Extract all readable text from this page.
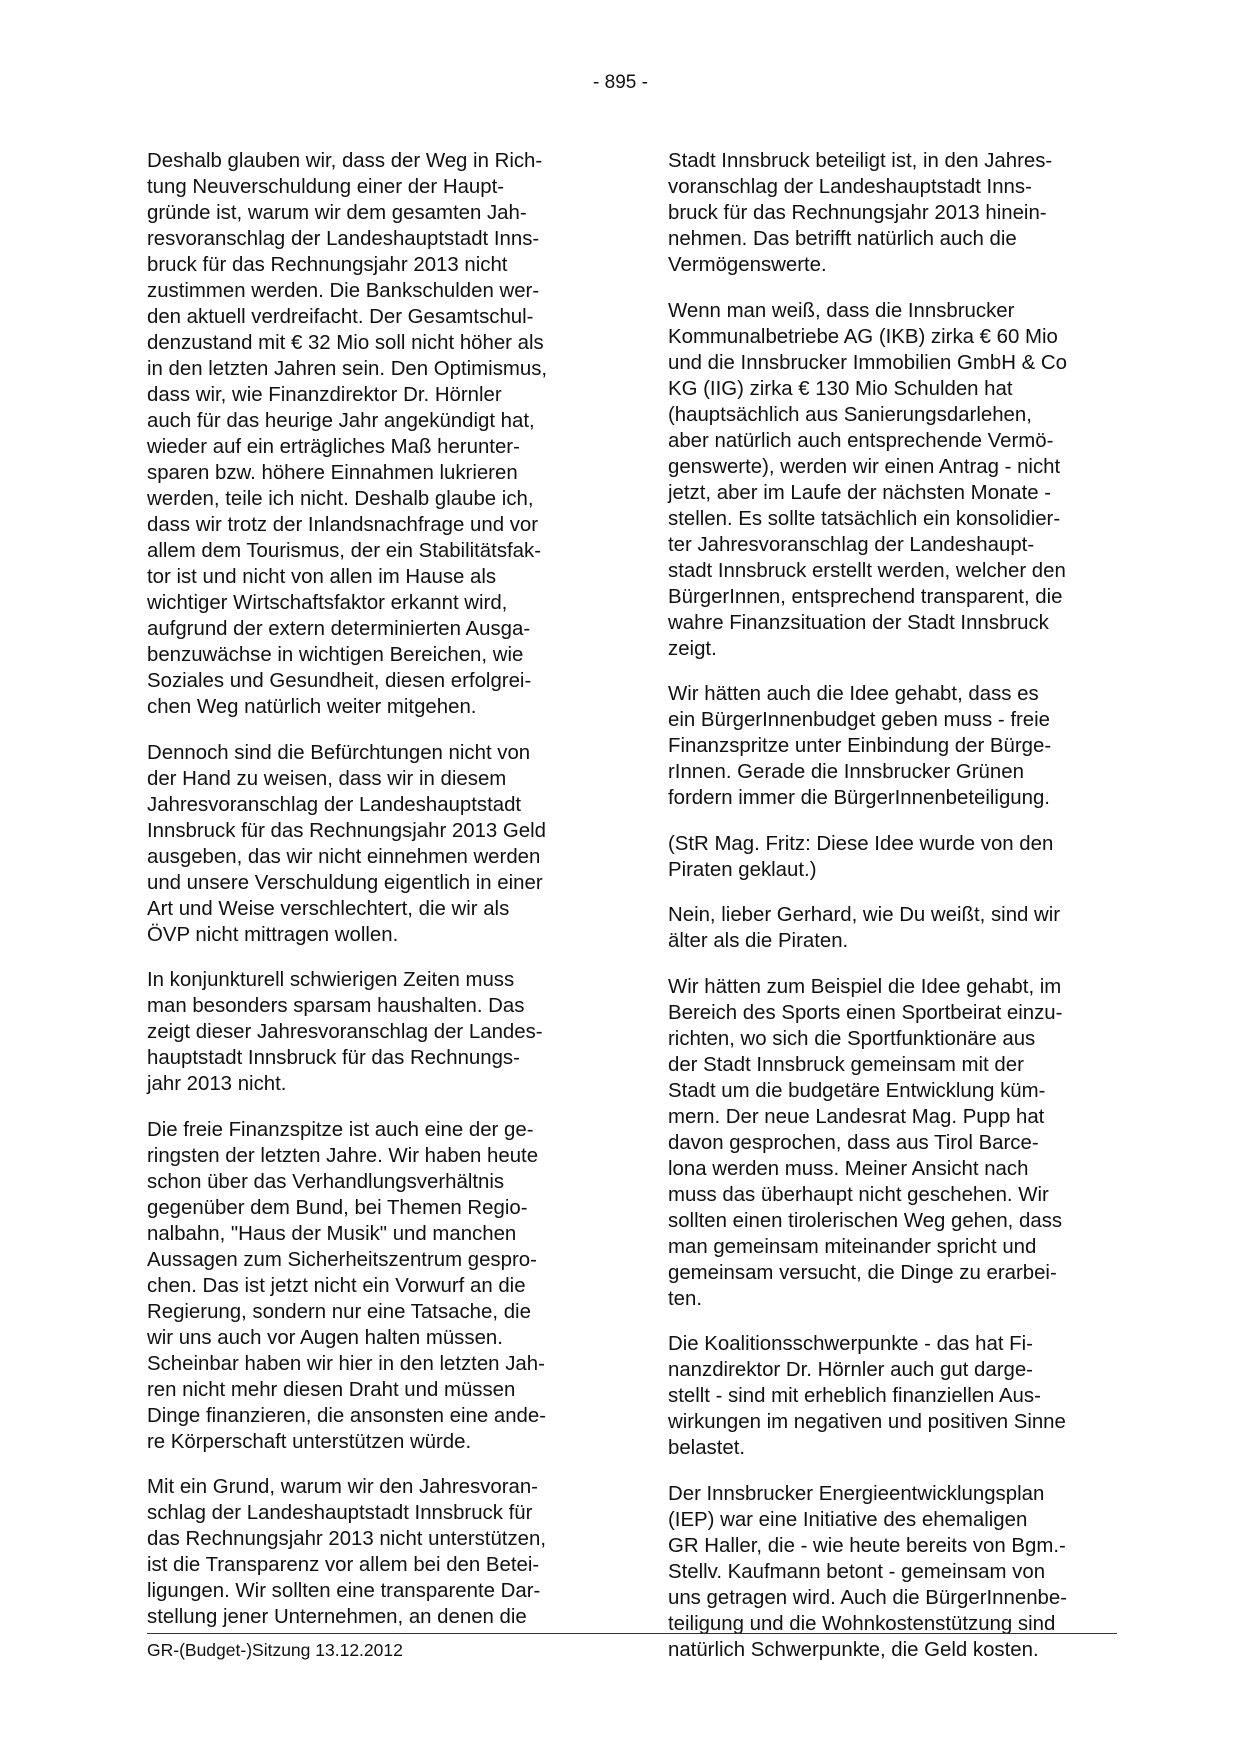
- 895 -

Deshalb glauben wir, dass der Weg in Rich-
tung Neuverschuldung einer der Haupt-
gründe ist, warum wir dem gesamten Jah-
resvoranschlag der Landeshauptstadt Inns-
bruck für das Rechnungsjahr 2013 nicht
zustimmen werden. Die Bankschulden wer-
den aktuell verdreifacht. Der Gesamtschul-
denzustand mit € 32 Mio soll nicht höher als
in den letzten Jahren sein. Den Optimismus,
dass wir, wie Finanzdirektor Dr. Hörnler
auch für das heurige Jahr angekündigt hat,
wieder auf ein erträgliches Maß herunter-
sparen bzw. höhere Einnahmen lukrieren
werden, teile ich nicht. Deshalb glaube ich,
dass wir trotz der Inlandsnachfrage und vor
allem dem Tourismus, der ein Stabilitätsfak-
tor ist und nicht von allen im Hause als
wichtiger Wirtschaftsfaktor erkannt wird,
aufgrund der extern determinierten Ausga-
benzuwächse in wichtigen Bereichen, wie
Soziales und Gesundheit, diesen erfolgrei-
chen Weg natürlich weiter mitgehen.

Dennoch sind die Befürchtungen nicht von
der Hand zu weisen, dass wir in diesem
Jahresvoranschlag der Landeshauptstadt
Innsbruck für das Rechnungsjahr 2013 Geld
ausgeben, das wir nicht einnehmen werden
und unsere Verschuldung eigentlich in einer
Art und Weise verschlechtert, die wir als
ÖVP nicht mittragen wollen.

In konjunkturell schwierigen Zeiten muss
man besonders sparsam haushalten. Das
zeigt dieser Jahresvoranschlag der Landes-
hauptstadt Innsbruck für das Rechnungs-
jahr 2013 nicht.

Die freie Finanzspitze ist auch eine der ge-
ringsten der letzten Jahre. Wir haben heute
schon über das Verhandlungsverhältnis
gegenüber dem Bund, bei Themen Regio-
nalbahn, "Haus der Musik" und manchen
Aussagen zum Sicherheitszentrum gespro-
chen. Das ist jetzt nicht ein Vorwurf an die
Regierung, sondern nur eine Tatsache, die
wir uns auch vor Augen halten müssen.
Scheinbar haben wir hier in den letzten Jah-
ren nicht mehr diesen Draht und müssen
Dinge finanzieren, die ansonsten eine ande-
re Körperschaft unterstützen würde.

Mit ein Grund, warum wir den Jahresvoran-
schlag der Landeshauptstadt Innsbruck für
das Rechnungsjahr 2013 nicht unterstützen,
ist die Transparenz vor allem bei den Betei-
ligungen. Wir sollten eine transparente Dar-
stellung jener Unternehmen, an denen die

Stadt Innsbruck beteiligt ist, in den Jahres-
voranschlag der Landeshauptstadt Inns-
bruck für das Rechnungsjahr 2013 hinein-
nehmen. Das betrifft natürlich auch die
Vermögenswerte.

Wenn man weiß, dass die Innsbrucker
Kommunalbetriebe AG (IKB) zirka € 60 Mio
und die Innsbrucker Immobilien GmbH & Co
KG (IIG) zirka € 130 Mio Schulden hat
(hauptsächlich aus Sanierungsdarlehen,
aber natürlich auch entsprechende Vermö-
genswerte), werden wir einen Antrag - nicht
jetzt, aber im Laufe der nächsten Monate -
stellen. Es sollte tatsächlich ein konsolidier-
ter Jahresvoranschlag der Landeshaupt-
stadt Innsbruck erstellt werden, welcher den
BürgerInnen, entsprechend transparent, die
wahre Finanzsituation der Stadt Innsbruck
zeigt.

Wir hätten auch die Idee gehabt, dass es
ein BürgerInnenbudget geben muss - freie
Finanzspritze unter Einbindung der Bürge-
rInnen. Gerade die Innsbrucker Grünen
fordern immer die BürgerInnenbeteiligung.

(StR Mag. Fritz: Diese Idee wurde von den
Piraten geklaut.)

Nein, lieber Gerhard, wie Du weißt, sind wir
älter als die Piraten.

Wir hätten zum Beispiel die Idee gehabt, im
Bereich des Sports einen Sportbeirat einzu-
richten, wo sich die Sportfunktionäre aus
der Stadt Innsbruck gemeinsam mit der
Stadt um die budgetäre Entwicklung küm-
mern. Der neue Landesrat Mag. Pupp hat
davon gesprochen, dass aus Tirol Barce-
lona werden muss. Meiner Ansicht nach
muss das überhaupt nicht geschehen. Wir
sollten einen tirolerischen Weg gehen, dass
man gemeinsam miteinander spricht und
gemeinsam versucht, die Dinge zu erarbei-
ten.

Die Koalitionsschwerpunkte - das hat Fi-
nanzdirektor Dr. Hörnler auch gut darge-
stellt - sind mit erheblich finanziellen Aus-
wirkungen im negativen und positiven Sinne
belastet.

Der Innsbrucker Energieentwicklungsplan
(IEP) war eine Initiative des ehemaligen
GR Haller, die - wie heute bereits von Bgm.-
Stellv. Kaufmann betont - gemeinsam von
uns getragen wird. Auch die BürgerInnenbe-
teiligung und die Wohnkostenstützung sind
natürlich Schwerpunkte, die Geld kosten.

GR-(Budget-)Sitzung 13.12.2012
